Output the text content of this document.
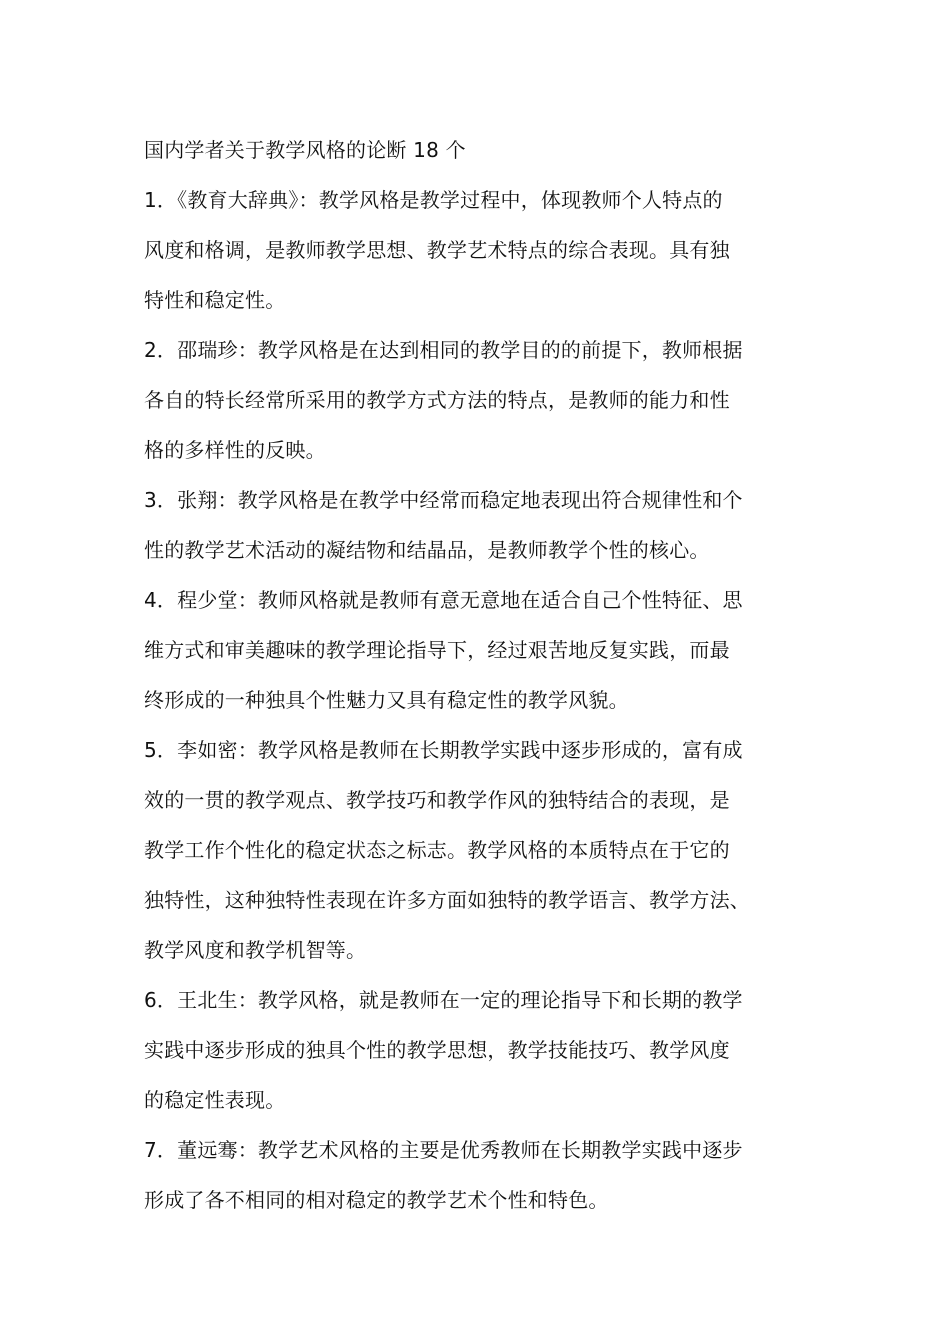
国内学者关于教学风格的论断 18 个
1．《教育大辞典》：教学风格是教学过程中，体现教师个人特点的
风度和格调，是教师教学思想、教学艺术特点的综合表现。具有独
特性和稳定性。
2．邵瑞珍：教学风格是在达到相同的教学目的的前提下，教师根据
各自的特长经常所采用的教学方式方法的特点，是教师的能力和性
格的多样性的反映。
3．张翔：教学风格是在教学中经常而稳定地表现出符合规律性和个
性的教学艺术活动的凝结物和结晶品，是教师教学个性的核心。
4．程少堂：教师风格就是教师有意无意地在适合自己个性特征、思
维方式和审美趣味的教学理论指导下，经过艰苦地反复实践，而最
终形成的一种独具个性魅力又具有稳定性的教学风貌。
5．李如密：教学风格是教师在长期教学实践中逐步形成的，富有成
效的一贯的教学观点、教学技巧和教学作风的独特结合的表现，是
教学工作个性化的稳定状态之标志。教学风格的本质特点在于它的
独特性，这种独特性表现在许多方面如独特的教学语言、教学方法、
教学风度和教学机智等。
6．王北生：教学风格，就是教师在一定的理论指导下和长期的教学
实践中逐步形成的独具个性的教学思想，教学技能技巧、教学风度
的稳定性表现。
7．董远骞：教学艺术风格的主要是优秀教师在长期教学实践中逐步
形成了各不相同的相对稳定的教学艺术个性和特色。
